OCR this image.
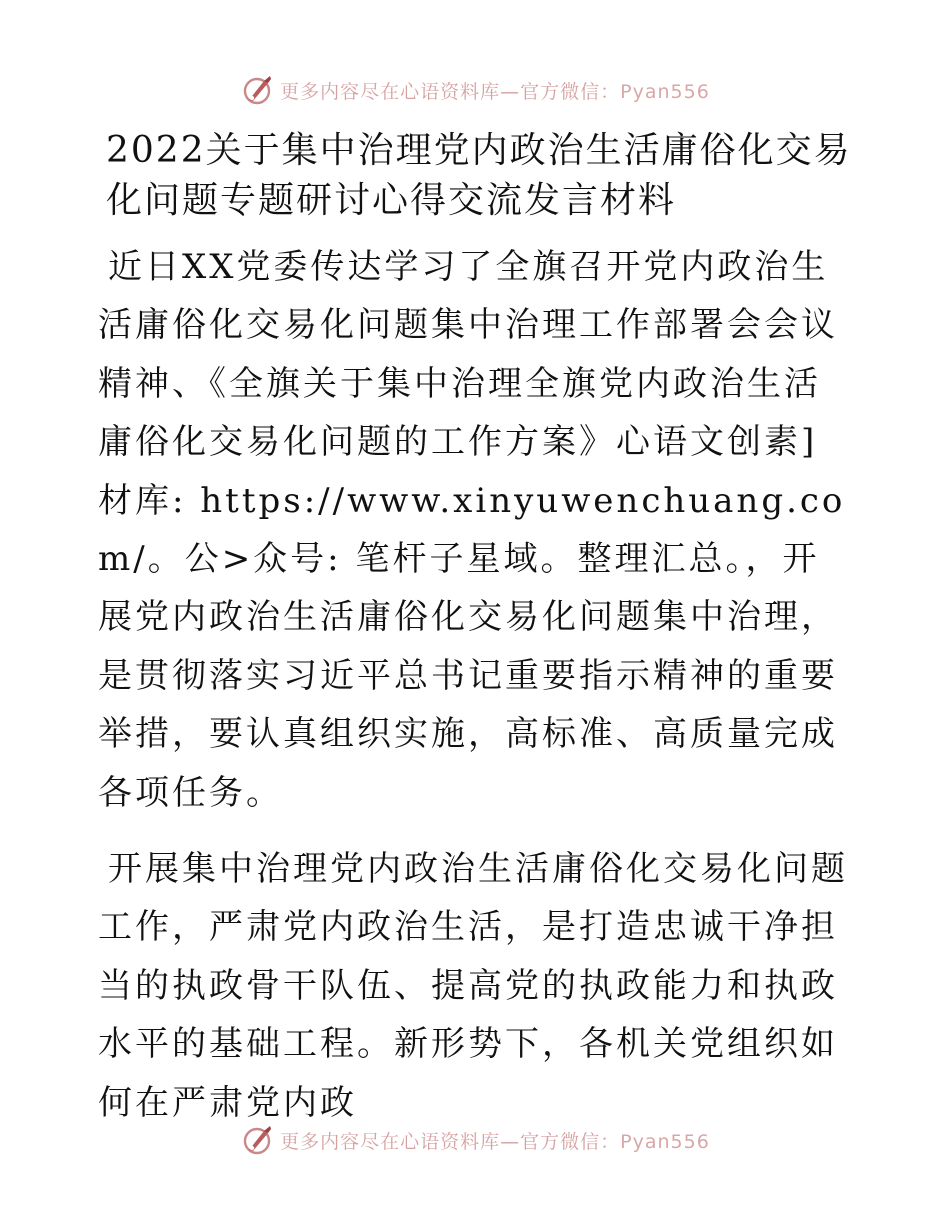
更多内容尽在心语资料库—官方微信：Pyan556
2022关于集中治理党内政治生活庸俗化交易化问题专题研讨心得交流发言材料

近日XX党委传达学习了全旗召开党内政治生活庸俗化交易化问题集中治理工作部署会会议精神、《全旗关于集中治理全旗党内政治生活庸俗化交易化问题的工作方案》心语文创素]材库: https://www.xinyuwenchuang.com/。公>众号: 笔杆子星域。整理汇总。，开展党内政治生活庸俗化交易化问题集中治理，是贯彻落实习近平总书记重要指示精神的重要举措，要认真组织实施，高标准、高质量完成各项任务。

开展集中治理党内政治生活庸俗化交易化问题工作，严肃党内政治生活，是打造忠诚干净担当的执政骨干队伍、提高党的执政能力和执政水平的基础工程。新形势下，各机关党组织如何在严肃党内政

更多内容尽在心语资料库—官方微信：Pyan556
